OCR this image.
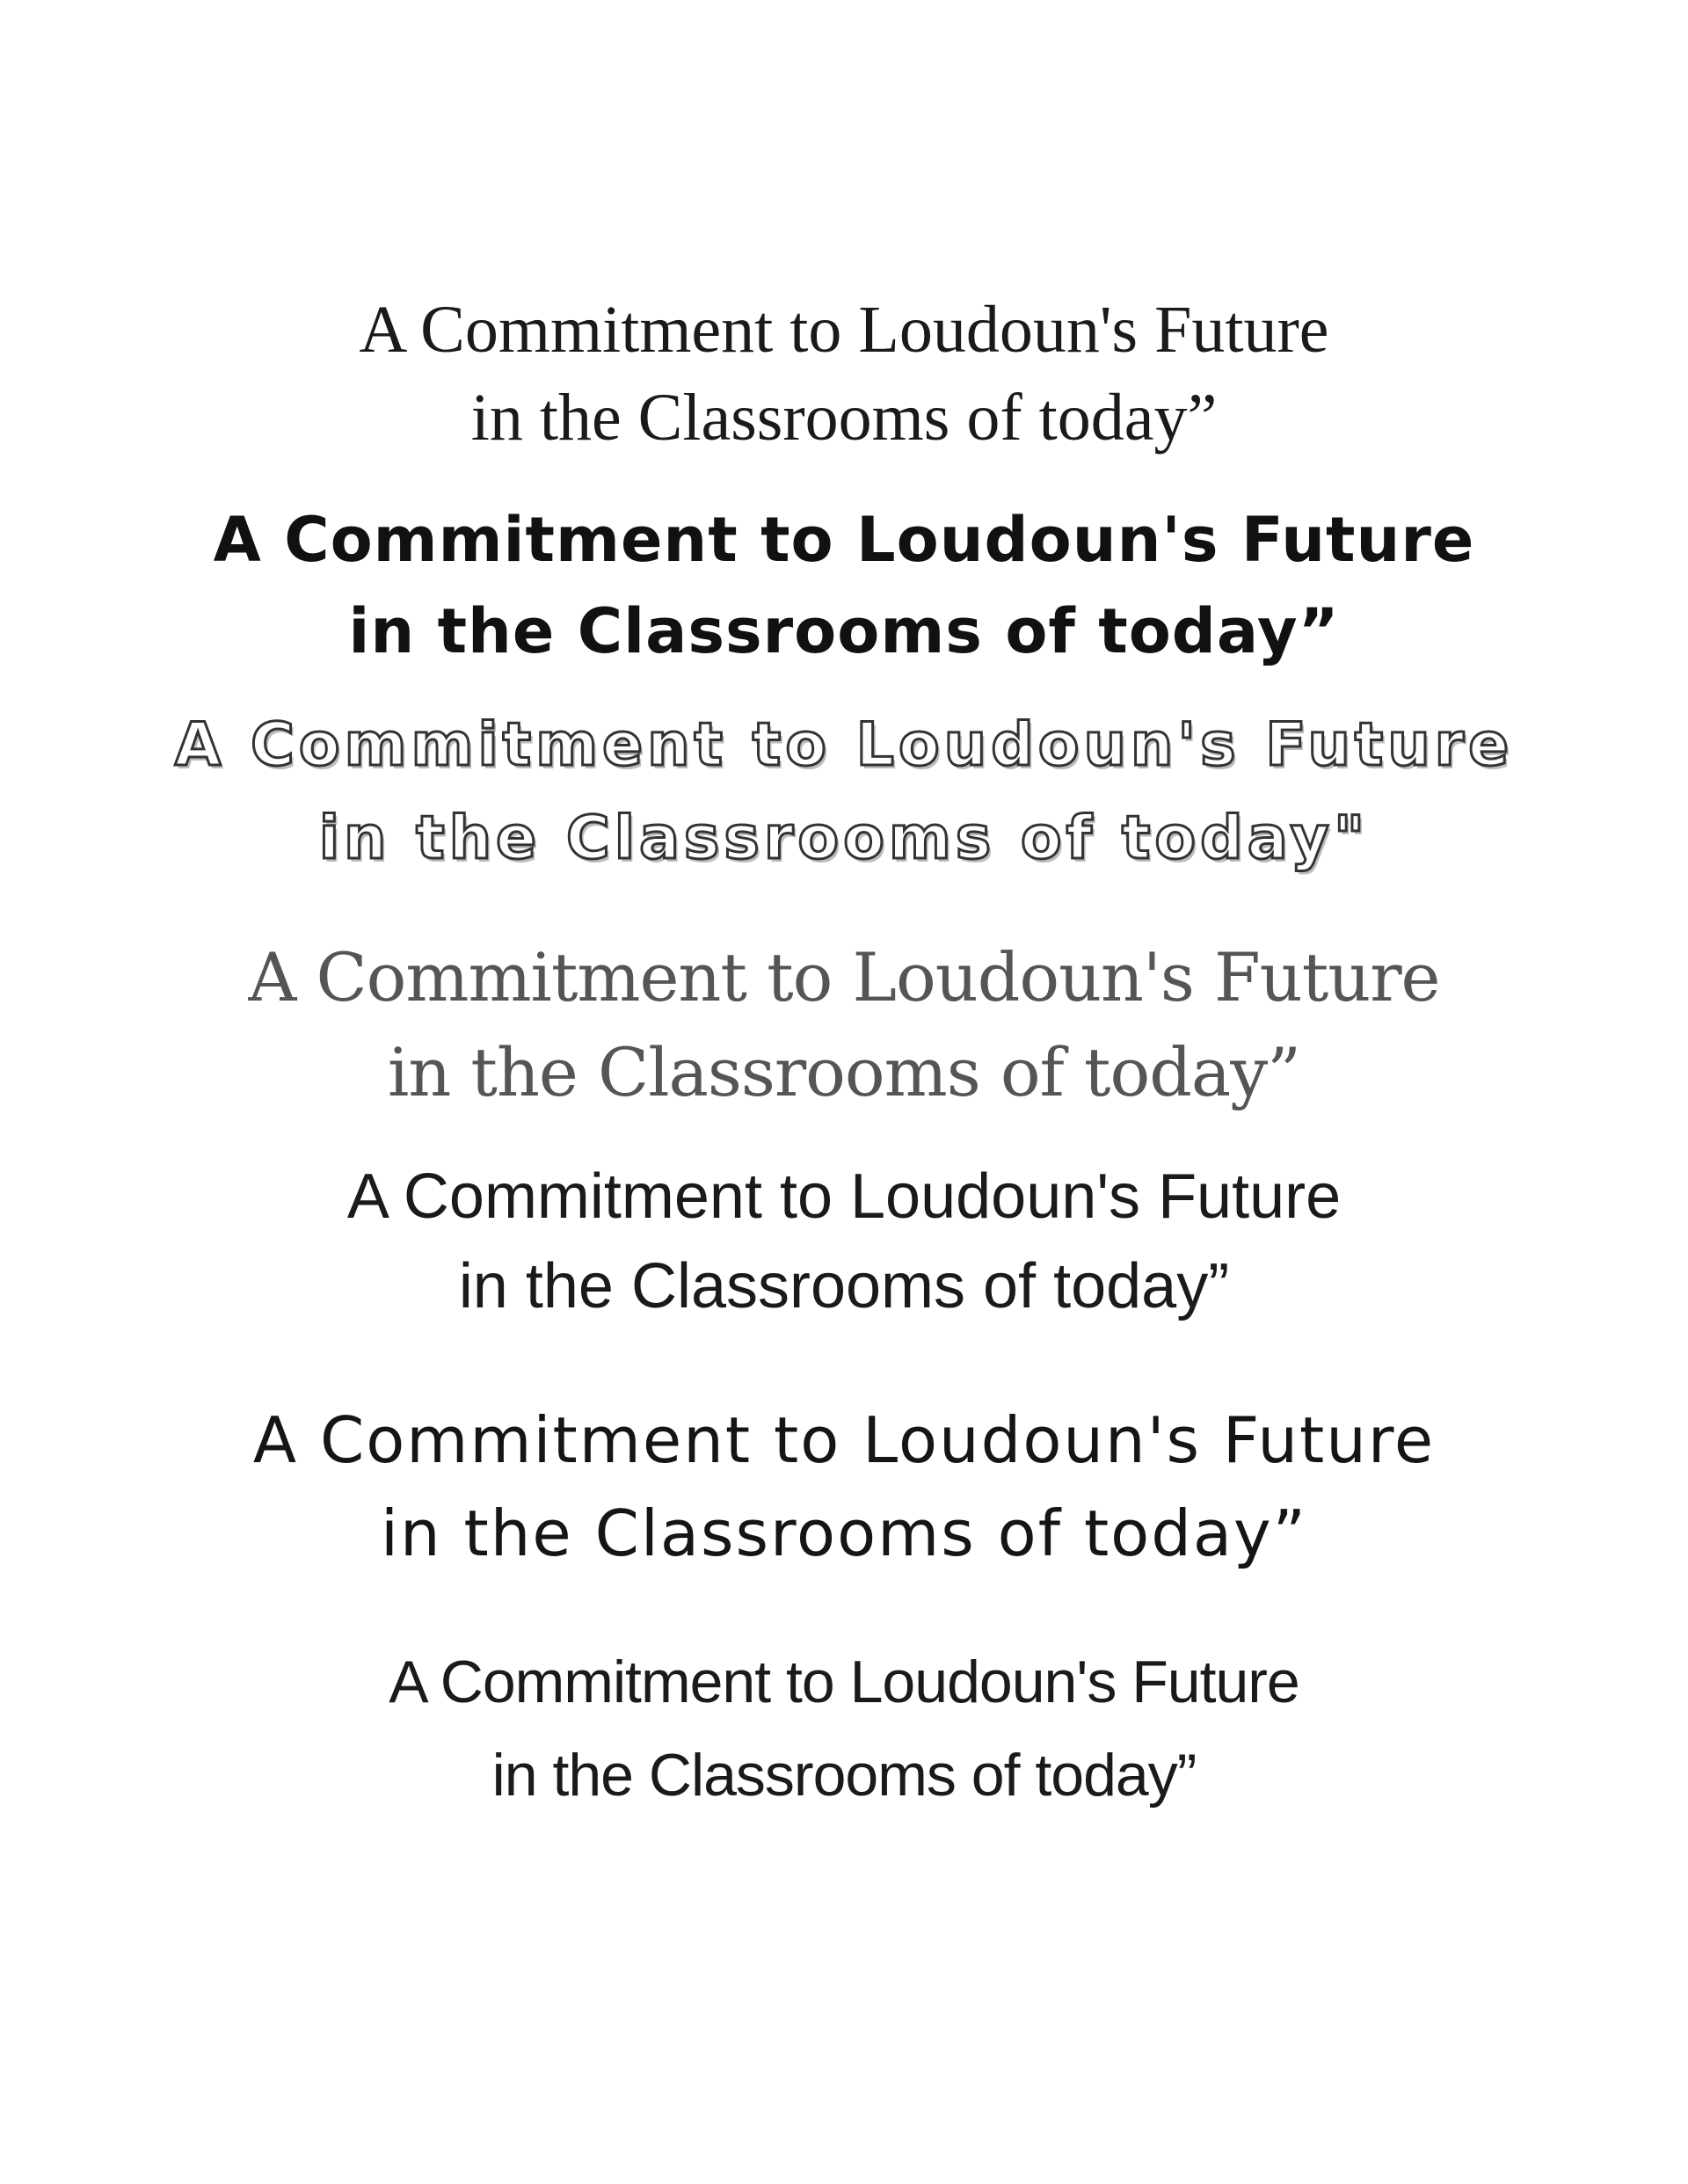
A Commitment to Loudoun's Future
in the Classrooms of today”
A Commitment to Loudoun's Future
in the Classrooms of today”
A Commitment to Loudoun's Future
in the Classrooms of today"
A Commitment to Loudoun's Future
in the Classrooms of today”
A Commitment to Loudoun's Future
in the Classrooms of today”
A Commitment to Loudoun's Future
in the Classrooms of today”
A Commitment to Loudoun's Future
in the Classrooms of today”
